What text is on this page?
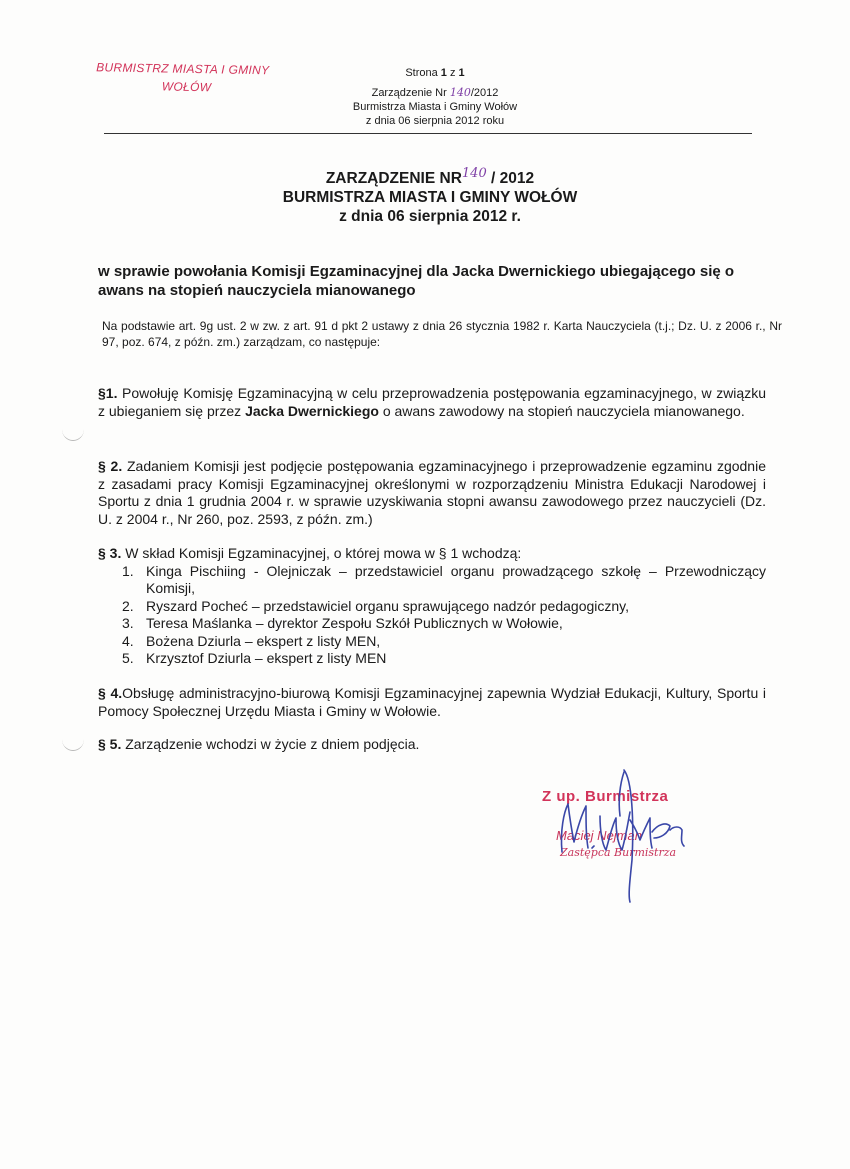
BURMISTRZ MIASTA I GMINY
WOŁÓW
Strona 1 z 1
Zarządzenie Nr 140/2012
Burmistrza Miasta i Gminy Wołów
z dnia 06 sierpnia 2012 roku
ZARZĄDZENIE NR$^{140}$ / 2012
BURMISTRZA MIASTA I GMINY WOŁÓW
z dnia 06 sierpnia 2012 r.
w sprawie powołania Komisji Egzaminacyjnej dla Jacka Dwernickiego ubiegającego się o awans na stopień nauczyciela mianowanego
Na podstawie art. 9g ust. 2 w zw. z art. 91 d pkt 2 ustawy z dnia 26 stycznia 1982 r. Karta Nauczyciela (t.j.; Dz. U. z 2006 r., Nr 97, poz. 674, z późn. zm.) zarządzam, co następuje:
§1. Powołuję Komisję Egzaminacyjną w celu przeprowadzenia postępowania egzaminacyjnego, w związku z ubieganiem się przez Jacka Dwernickiego o awans zawodowy na stopień nauczyciela mianowanego.
§ 2. Zadaniem Komisji jest podjęcie postępowania egzaminacyjnego i przeprowadzenie egzaminu zgodnie z zasadami pracy Komisji Egzaminacyjnej określonymi w rozporządzeniu Ministra Edukacji Narodowej i Sportu z dnia 1 grudnia 2004 r. w sprawie uzyskiwania stopni awansu zawodowego przez nauczycieli (Dz. U. z 2004 r., Nr 260, poz. 2593, z późn. zm.)
§ 3. W skład Komisji Egzaminacyjnej, o której mowa w § 1 wchodzą:
1. Kinga Pischiing - Olejniczak – przedstawiciel organu prowadzącego szkołę – Przewodniczący Komisji,
2. Ryszard Pocheć – przedstawiciel organu sprawującego nadzór pedagogiczny,
3. Teresa Maślanka – dyrektor Zespołu Szkół Publicznych w Wołowie,
4. Bożena Dziurla – ekspert z listy MEN,
5. Krzysztof Dziurla – ekspert z listy MEN
§ 4.Obsługę administracyjno-biurową Komisji Egzaminacyjnej zapewnia Wydział Edukacji, Kultury, Sportu i Pomocy Społecznej Urzędu Miasta i Gminy w Wołowie.
§ 5. Zarządzenie wchodzi w życie z dniem podjęcia.
Z up. Burmistrza
Maciej Nejman
Zastępca Burmistrza
